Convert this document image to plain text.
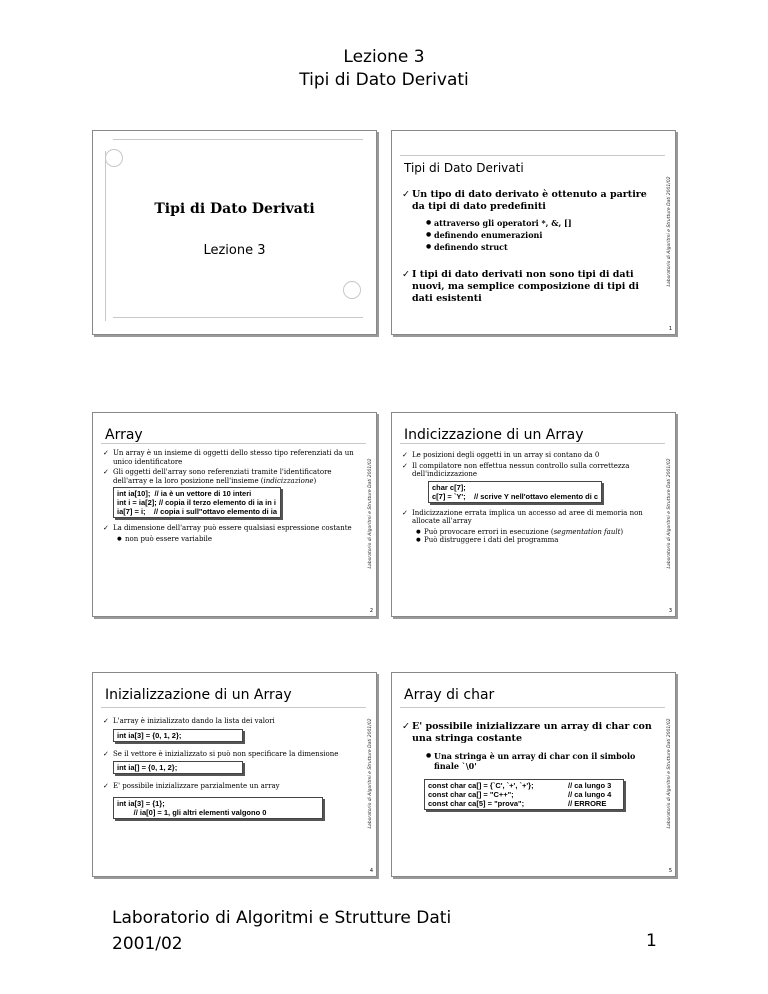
Lezione 3
Tipi di Dato Derivati
Tipi di Dato Derivati
Lezione 3
Tipi di Dato Derivati
Laboratorio di Algoritmi e Strutture Dati 2001/02
✓ Un tipo di dato derivato è ottenuto a partire da tipi di dato predefiniti
● attraverso gli operatori *, &, []
● definendo enumerazioni
● definendo struct
✓ I tipi di dato derivati non sono tipi di dati nuovi, ma semplice composizione di tipi di dati esistenti
1
Array
Laboratorio di Algoritmi e Strutture Dati 2001/02
✓ Un array è un insieme di oggetti dello stesso tipo referenziati da un unico identificatore
✓ Gli oggetti dell'array sono referenziati tramite l'identificatore dell'array e la loro posizione nell'insieme (indicizzazione)
int ia[10]; // ia è un vettore di 10 interi
int i = ia[2]; // copia il terzo elemento di ia in i
ia[7] = i; // copia i sull"ottavo elemento di ia
✓ La dimensione dell'array può essere qualsiasi espressione costante
● non può essere variabile
2
Indicizzazione di un Array
Laboratorio di Algoritmi e Strutture Dati 2001/02
✓ Le posizioni degli oggetti in un array si contano da 0
✓ Il compilatore non effettua nessun controllo sulla correttezza dell'indicizzazione
char c[7];
c[7] = `Y'; // scrive Y nell'ottavo elemento di c
✓ Indicizzazione errata implica un accesso ad aree di memoria non allocate all'array
● Può provocare errori in esecuzione (segmentation fault)
● Può distruggere i dati del programma
3
Inizializzazione di un Array
Laboratorio di Algoritmi e Strutture Dati 2001/02
✓ L'array è inizializzato dando la lista dei valori
int ia[3] = {0, 1, 2};
✓ Se il vettore è inizializzato si può non specificare la dimensione
int ia[] = {0, 1, 2};
✓ E' possibile inizializzare parzialmente un array
int ia[3] = {1};
// ia[0] = 1, gli altri elementi valgono 0
4
Array di char
Laboratorio di Algoritmi e Strutture Dati 2001/02
✓ E' possibile inizializzare un array di char con una stringa costante
● Una stringa è un array di char con il simbolo finale `\0'
const char ca[] = {`C', `+', `+'};	// ca lungo 3
const char ca[] = "C++";	// ca lungo 4
const char ca[5] = "prova";	// ERRORE
5
Laboratorio di Algoritmi e Strutture Dati
2001/02	1
